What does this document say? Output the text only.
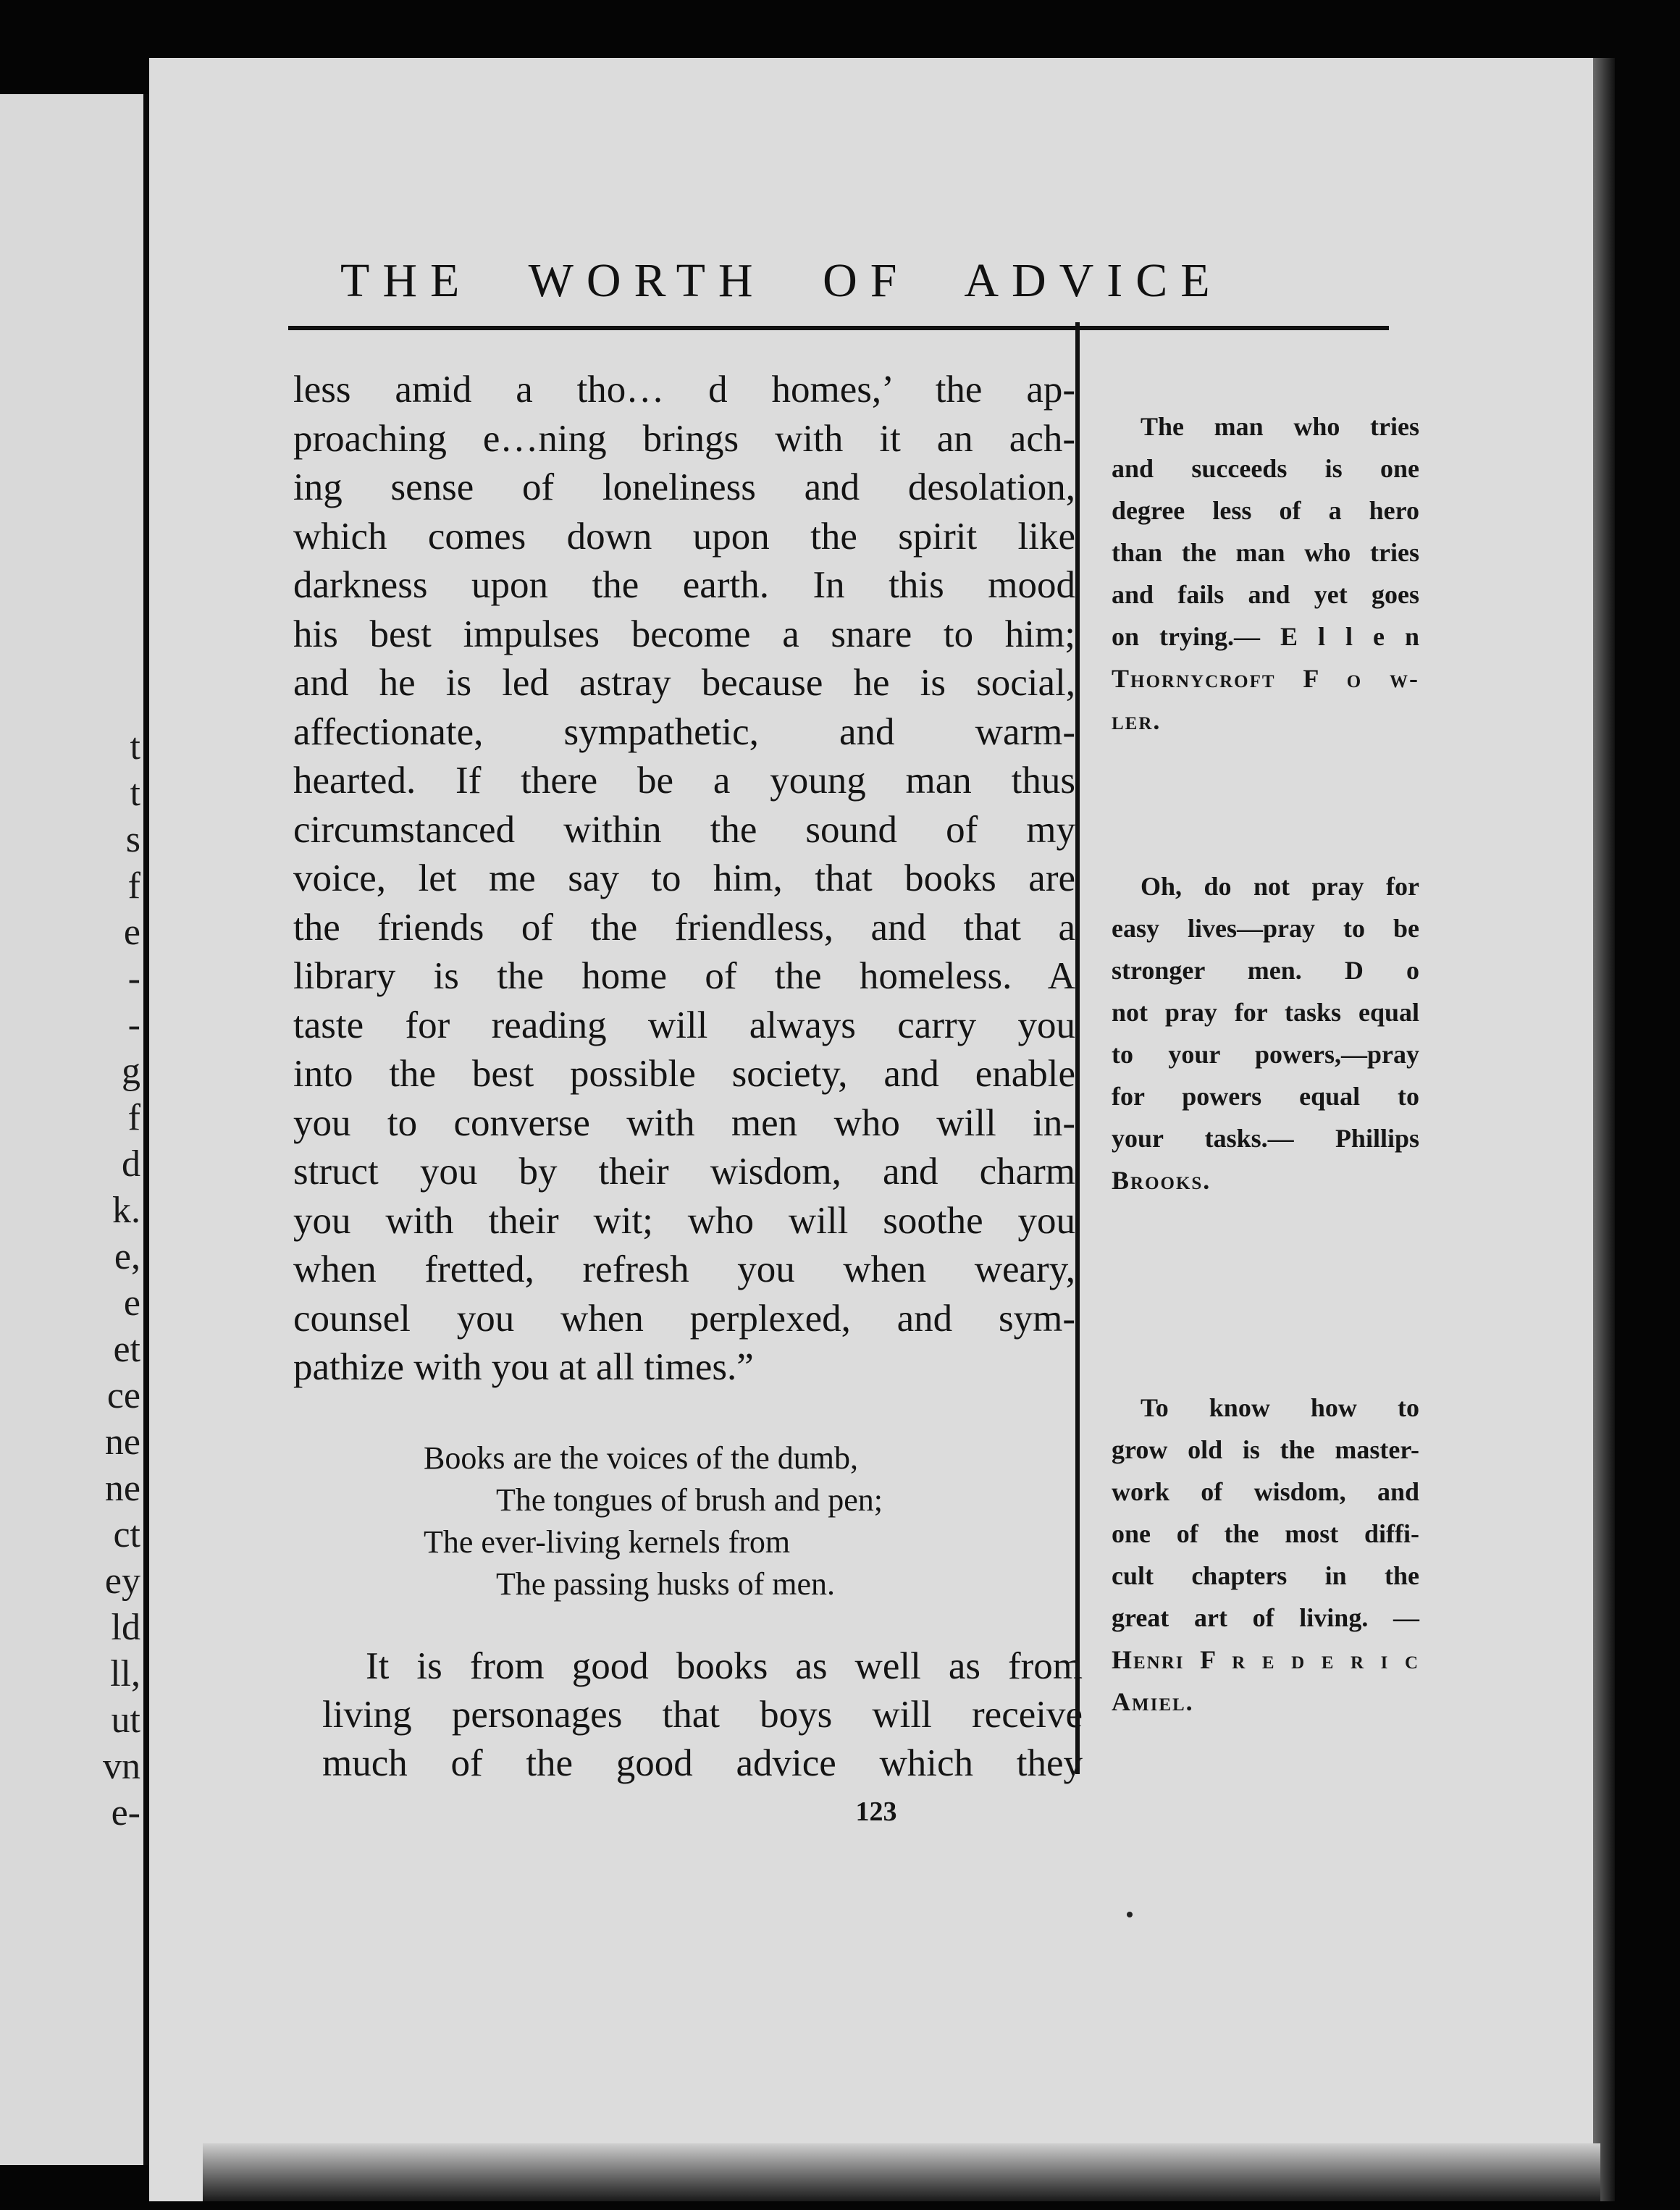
t
t
s
f
e
-
-
g
f
d
k.
e,
e
et
ce
ne
ne
ct
ey
ld
ll,
ut
vn
e-
THE WORTH OF ADVICE
less amid a tho… d homes,’ the ap-
proaching e…ning brings with it an ach-
ing sense of loneliness and desolation,
which comes down upon the spirit like
darkness upon the earth. In this mood
his best impulses become a snare to him;
and he is led astray because he is social,
affectionate, sympathetic, and warm-
hearted. If there be a young man thus
circumstanced within the sound of my
voice, let me say to him, that books are
the friends of the friendless, and that a
library is the home of the homeless. A
taste for reading will always carry you
into the best possible society, and enable
you to converse with men who will in-
struct you by their wisdom, and charm
you with their wit; who will soothe you
when fretted, refresh you when weary,
counsel you when perplexed, and sym-
pathize with you at all times.”
Books are the voices of the dumb,
The tongues of brush and pen;
The ever-living kernels from
The passing husks of men.
It is from good books as well as from
living personages that boys will receive
much of the good advice which they
123
The man who tries
and succeeds is one
degree less of a hero
than the man who tries
and fails and yet goes
on trying.— E l l e n
Thornycroft F o w-
ler.
Oh, do not pray for
easy lives—pray to be
stronger men. D o
not pray for tasks equal
to your powers,—pray
for powers equal to
your tasks.— Phillips
Brooks.
To know how to
grow old is the master-
work of wisdom, and
one of the most diffi-
cult chapters in the
great art of living. —
Henri F r e d e r i c
Amiel.
